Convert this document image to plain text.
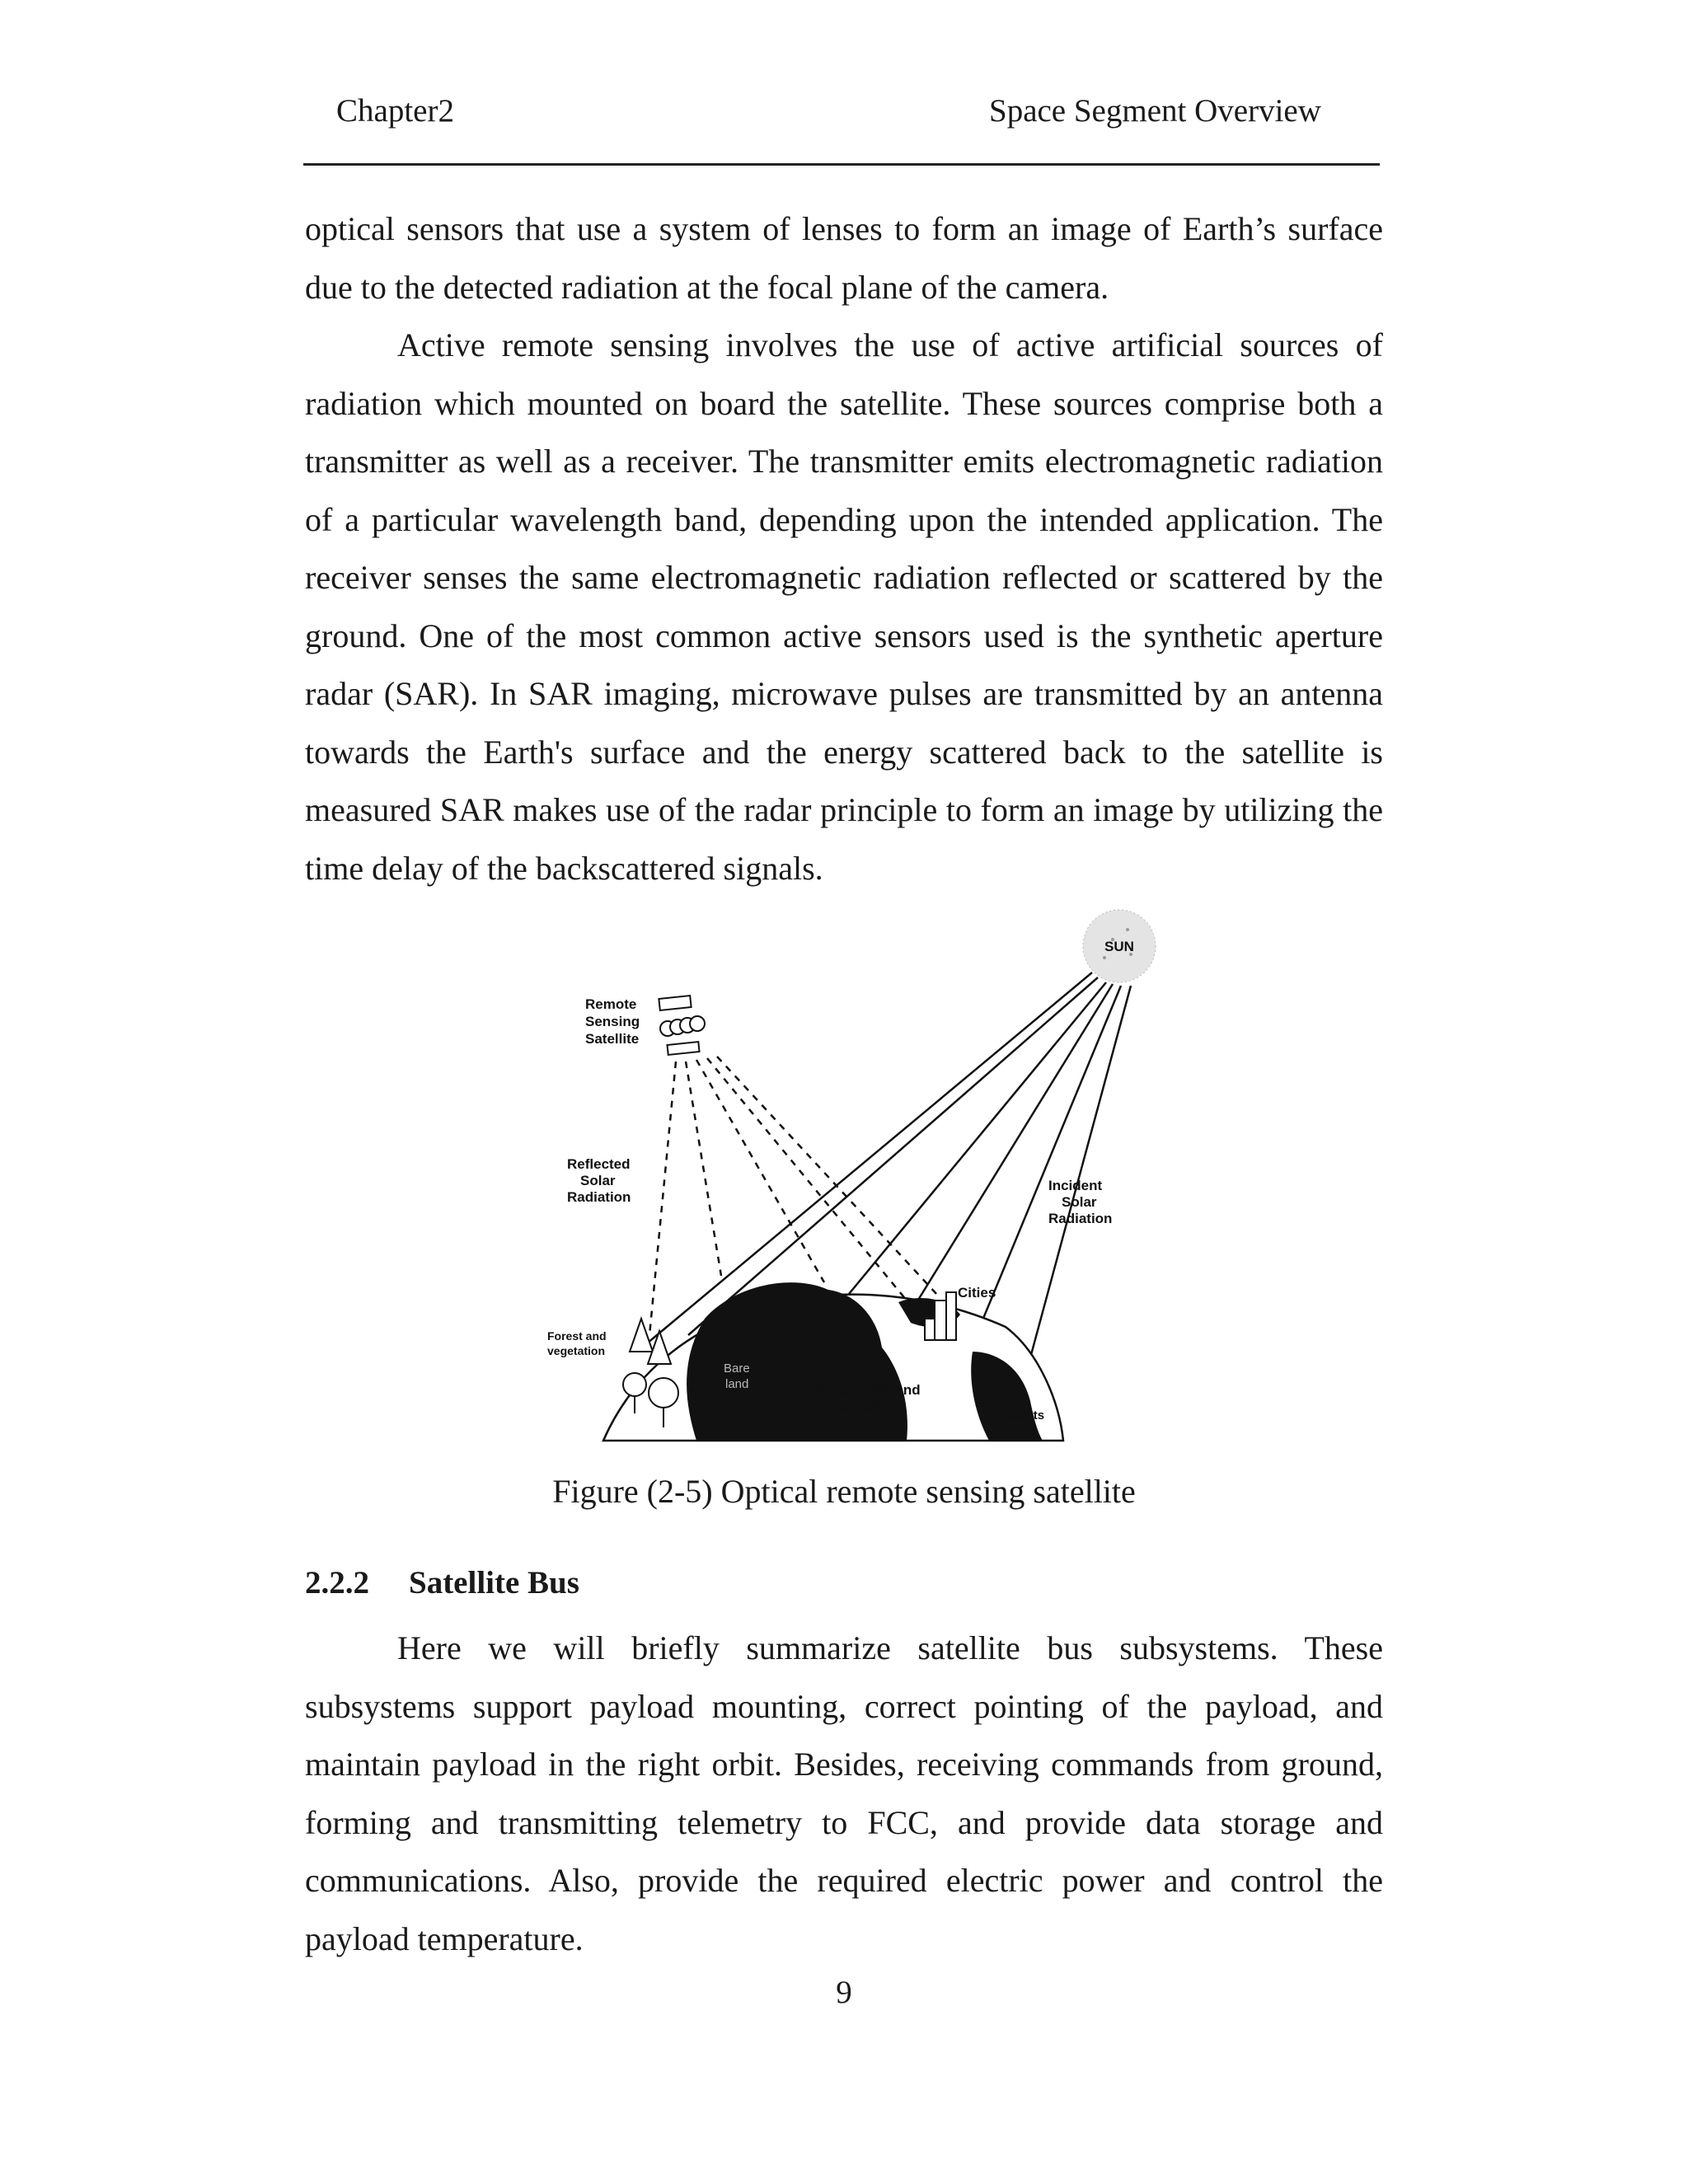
Chapter2	Space Segment Overview

optical sensors that use a system of lenses to form an image of Earth’s surface due to the detected radiation at the focal plane of the camera.

Active remote sensing involves the use of active artificial sources of radiation which mounted on board the satellite. These sources comprise both a transmitter as well as a receiver. The transmitter emits electromagnetic radiation of a particular wavelength band, depending upon the intended application. The receiver senses the same electromagnetic radiation reflected or scattered by the ground. One of the most common active sensors used is the synthetic aperture radar (SAR). In SAR imaging, microwave pulses are transmitted by an antenna towards the Earth's surface and the energy scattered back to the satellite is measured SAR makes use of the radar principle to form an image by utilizing the time delay of the backscattered signals.

SUN
Remote
Sensing
Satellite
Reflected
Solar
Radiation
Incident
Solar
Radiation
Cities
Forest and
vegetation
Bare
land	Ocean, Sea and
water bodies
Deserts
Figure (2-5) Optical remote sensing satellite
2.2.2 Satellite Bus

Here we will briefly summarize satellite bus subsystems. These subsystems support payload mounting, correct pointing of the payload, and maintain payload in the right orbit. Besides, receiving commands from ground, forming and transmitting telemetry to FCC, and provide data storage and communications. Also, provide the required electric power and control the payload temperature.

9
